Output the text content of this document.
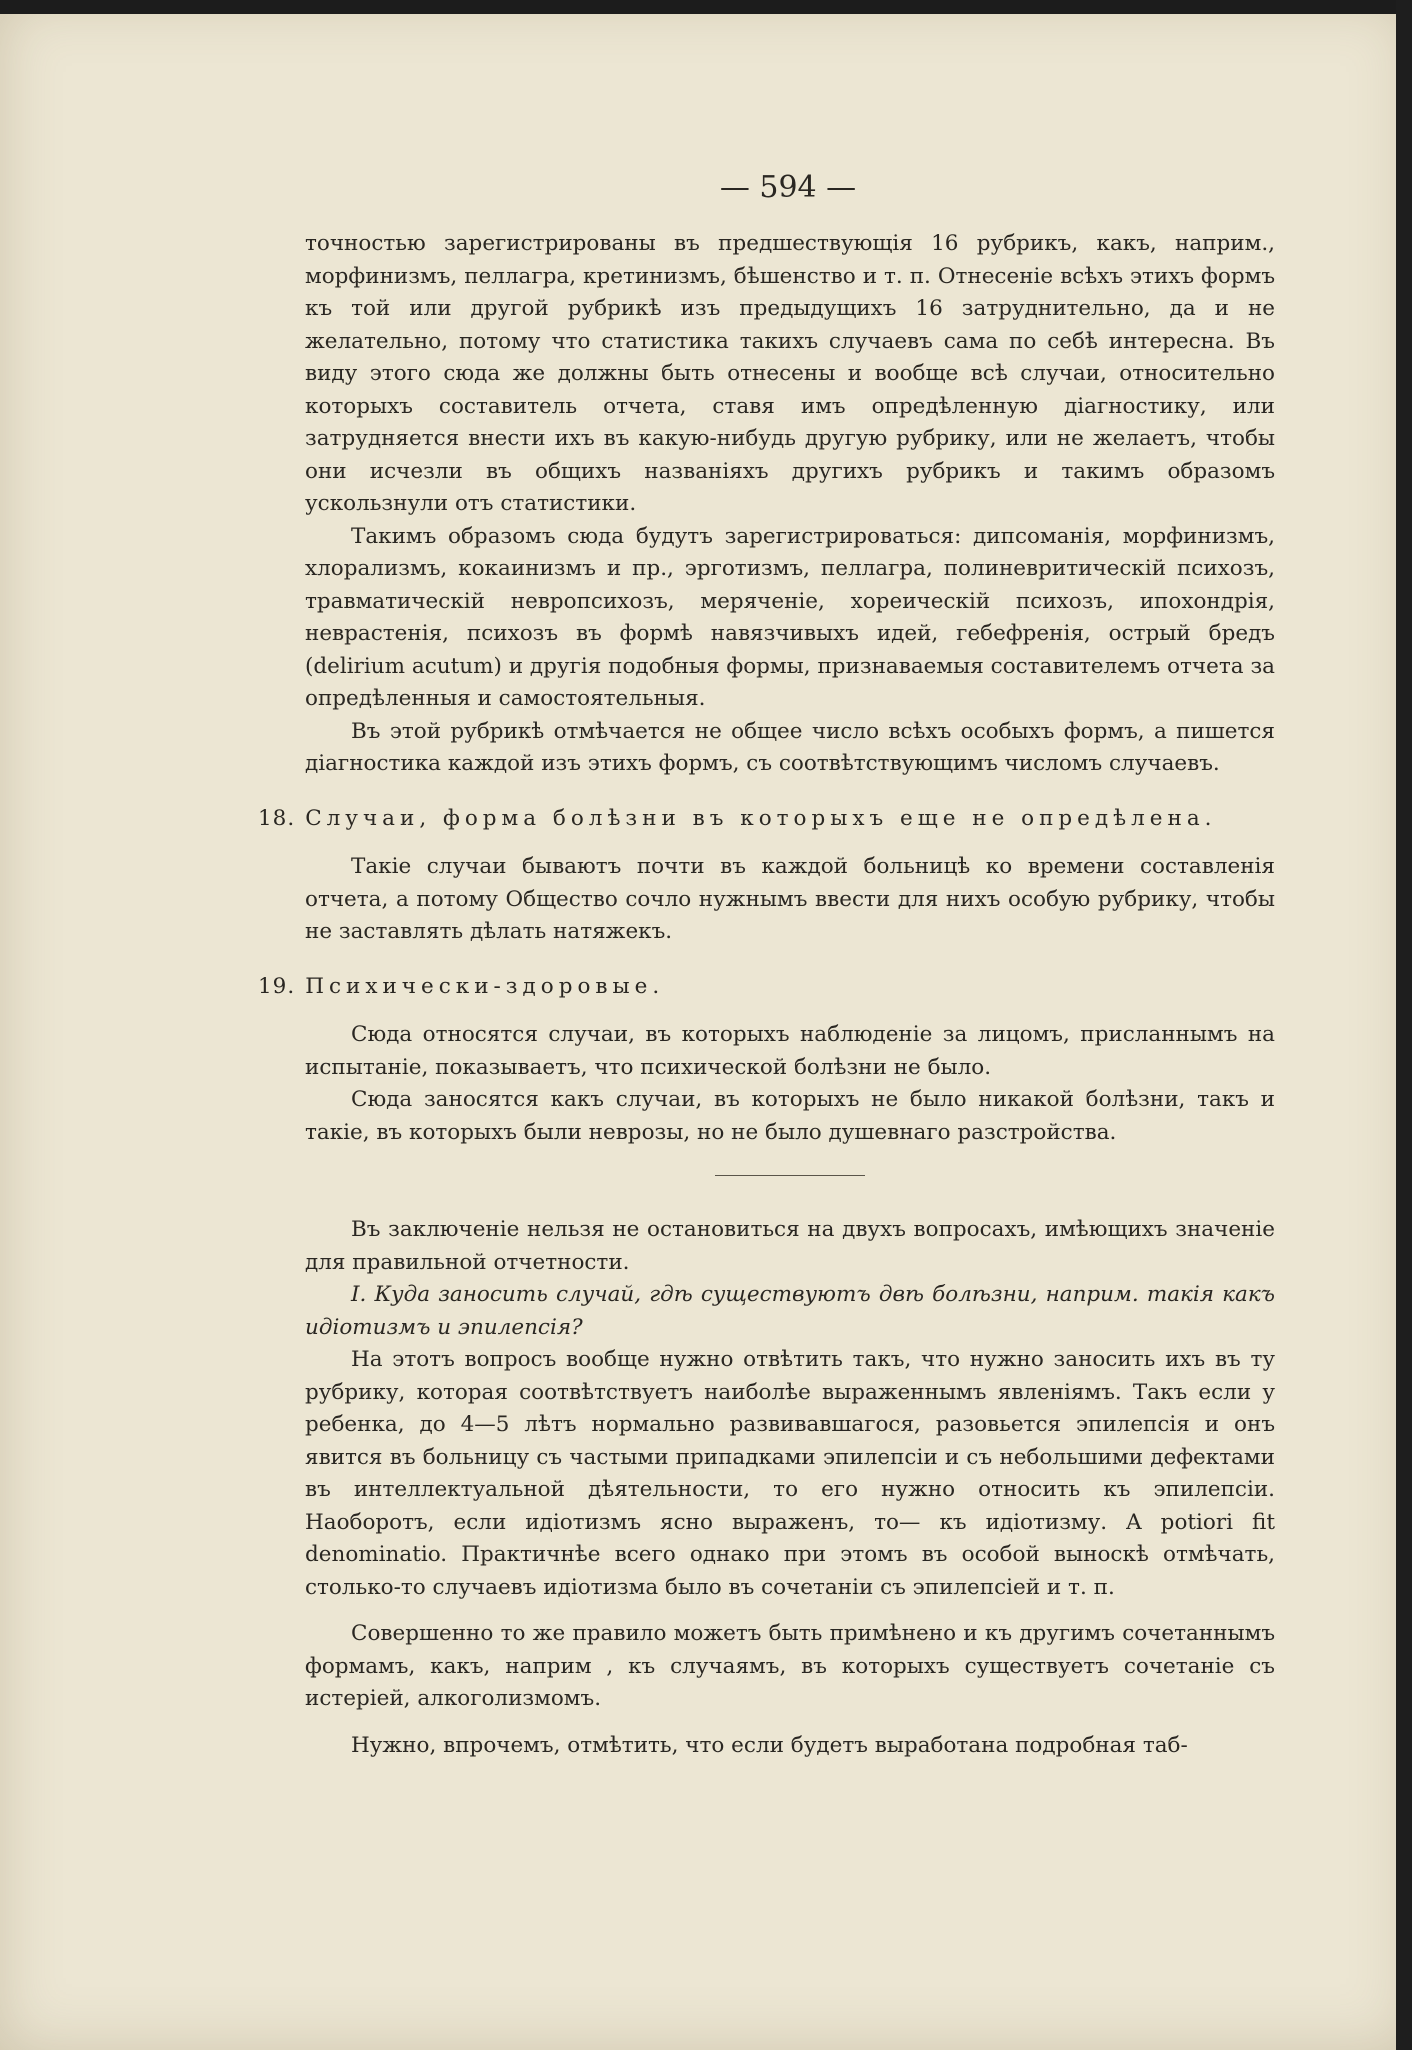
— 594 —

точностью зарегистрированы въ предшествующія 16 рубрикъ, какъ, наприм., морфинизмъ, пеллагра, кретинизмъ, бѣшенство и т. п. Отнесеніе всѣхъ этихъ формъ къ той или другой рубрикѣ изъ предыдущихъ 16 затруднительно, да и не желательно, потому что статистика такихъ случаевъ сама по себѣ интересна. Въ виду этого сюда же должны быть отнесены и вообще всѣ случаи, относительно которыхъ составитель отчета, ставя имъ опредѣленную діагностику, или затрудняется внести ихъ въ какую-нибудь другую рубрику, или не желаетъ, чтобы они исчезли въ общихъ названіяхъ другихъ рубрикъ и такимъ образомъ ускользнули отъ статистики.

Такимъ образомъ сюда будутъ зарегистрироваться: дипсоманія, морфинизмъ, хлорализмъ, кокаинизмъ и пр., эрготизмъ, пеллагра, полиневритическій психозъ, травматическій невропсихозъ, меряченіе, хореическій психозъ, ипохондрія, неврастенія, психозъ въ формѣ навязчивыхъ идей, гебефренія, острый бредъ (delirium acutum) и другія подобныя формы, признаваемыя составителемъ отчета за опредѣленныя и самостоятельныя.

Въ этой рубрикѣ отмѣчается не общее число всѣхъ особыхъ формъ, а пишется діагностика каждой изъ этихъ формъ, съ соотвѣтствующимъ числомъ случаевъ.

18. Случаи, форма болѣзни въ которыхъ еще не опредѣлена.

Такіе случаи бываютъ почти въ каждой больницѣ ко времени составленія отчета, а потому Общество сочло нужнымъ ввести для нихъ особую рубрику, чтобы не заставлять дѣлать натяжекъ.

19. Психически-здоровые.

Сюда относятся случаи, въ которыхъ наблюденіе за лицомъ, присланнымъ на испытаніе, показываетъ, что психической болѣзни не было.

Сюда заносятся какъ случаи, въ которыхъ не было никакой болѣзни, такъ и такіе, въ которыхъ были неврозы, но не было душевнаго разстройства.

Въ заключеніе нельзя не остановиться на двухъ вопросахъ, имѣющихъ значеніе для правильной отчетности.

I. Куда заносить случай, гдѣ существуютъ двѣ болѣзни, наприм. такія какъ идіотизмъ и эпилепсія?

На этотъ вопросъ вообще нужно отвѣтить такъ, что нужно заносить ихъ въ ту рубрику, которая соотвѣтствуетъ наиболѣе выраженнымъ явленіямъ. Такъ если у ребенка, до 4—5 лѣтъ нормально развивавшагося, разовьется эпилепсія и онъ явится въ больницу съ частыми припадками эпилепсіи и съ небольшими дефектами въ интеллектуальной дѣятельности, то его нужно относить къ эпилепсіи. Наоборотъ, если идіотизмъ ясно выраженъ, то— къ идіотизму. A potiori fit denominatio. Практичнѣе всего однако при этомъ въ особой выноскѣ отмѣчать, столько-то случаевъ идіотизма было въ сочетаніи съ эпилепсіей и т. п.

Совершенно то же правило можетъ быть примѣнено и къ другимъ сочетаннымъ формамъ, какъ, наприм , къ случаямъ, въ которыхъ существуетъ сочетаніе съ истеріей, алкоголизмомъ.

Нужно, впрочемъ, отмѣтить, что если будетъ выработана подробная таб-
